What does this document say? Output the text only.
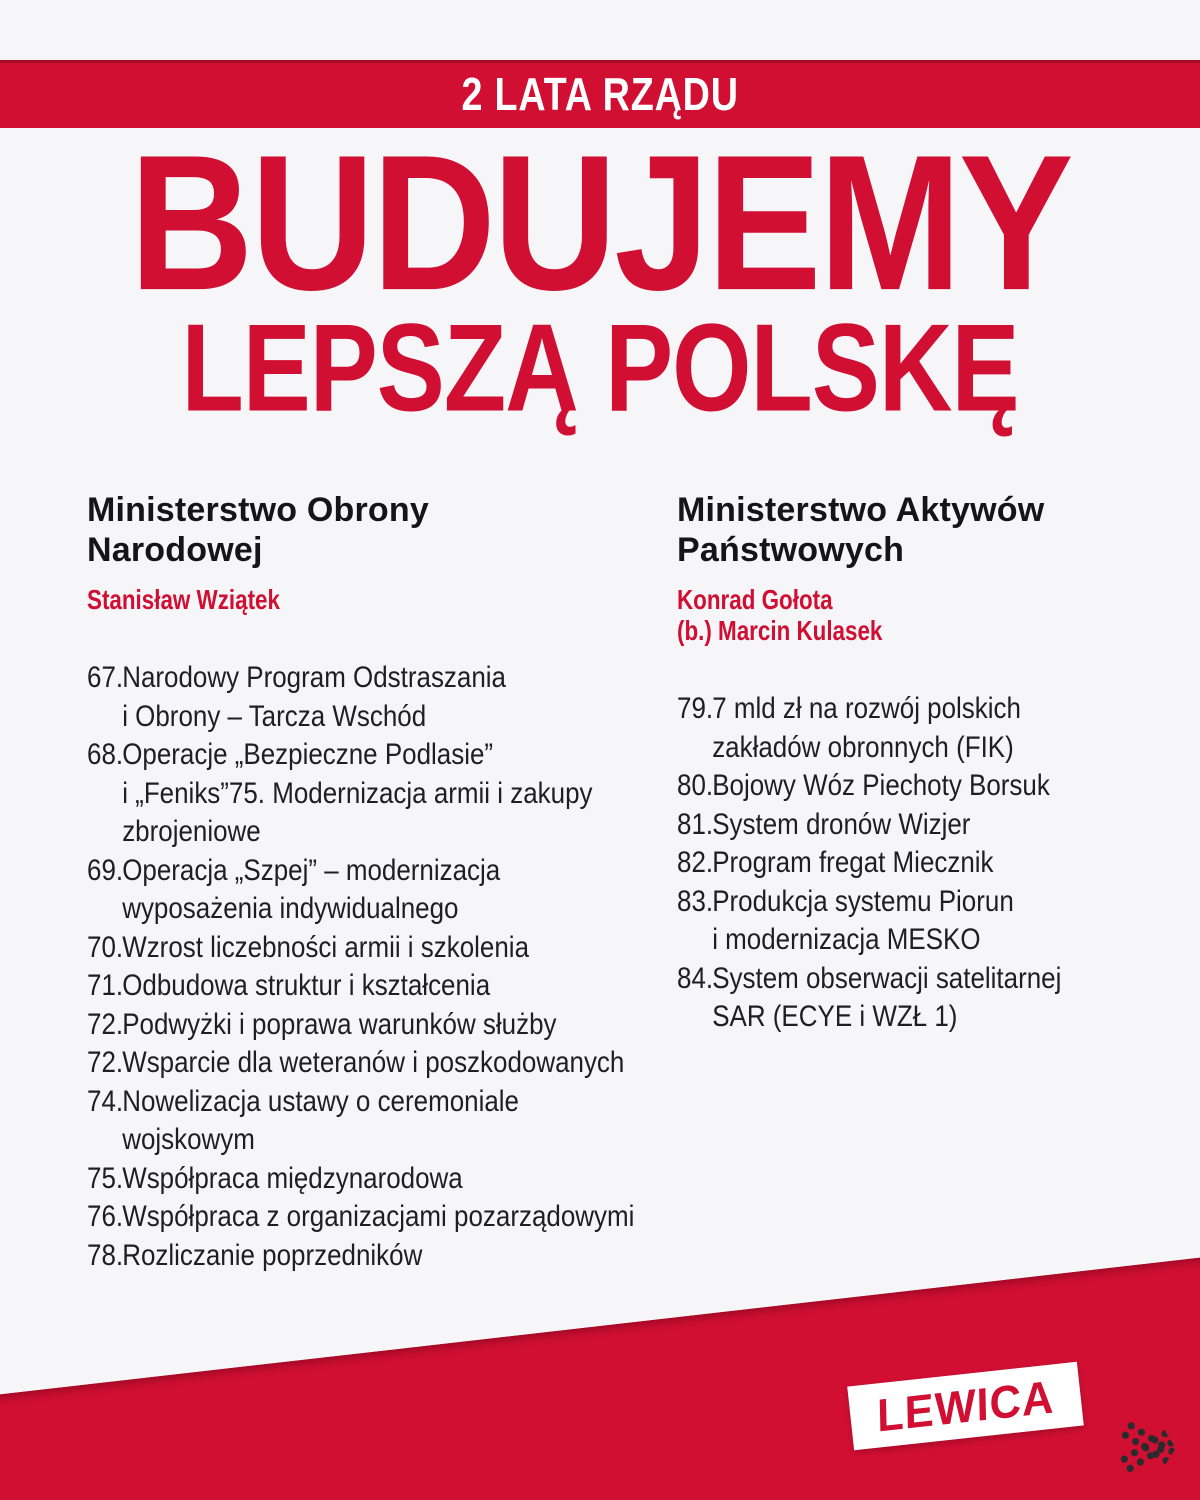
2 LATA RZĄDU
BUDUJEMY
LEPSZĄ POLSKĘ
Ministerstwo Obrony
Narodowej
Stanisław Wziątek
67.Narodowy Program Odstraszania
i Obrony – Tarcza Wschód
68.Operacje „Bezpieczne Podlasie”
i „Feniks”75. Modernizacja armii i zakupy
zbrojeniowe
69.Operacja „Szpej” – modernizacja
wyposażenia indywidualnego
70.Wzrost liczebności armii i szkolenia
71.Odbudowa struktur i kształcenia
72.Podwyżki i poprawa warunków służby
72.Wsparcie dla weteranów i poszkodowanych
74.Nowelizacja ustawy o ceremoniale
wojskowym
75.Współpraca międzynarodowa
76.Współpraca z organizacjami pozarządowymi
78.Rozliczanie poprzedników
Ministerstwo Aktywów
Państwowych
Konrad Gołota
(b.) Marcin Kulasek
79.7 mld zł na rozwój polskich
zakładów obronnych (FIK)
80.Bojowy Wóz Piechoty Borsuk
81.System dronów Wizjer
82.Program fregat Miecznik
83.Produkcja systemu Piorun
i modernizacja MESKO
84.System obserwacji satelitarnej
SAR (ECYE i WZŁ 1)
LEWICA
